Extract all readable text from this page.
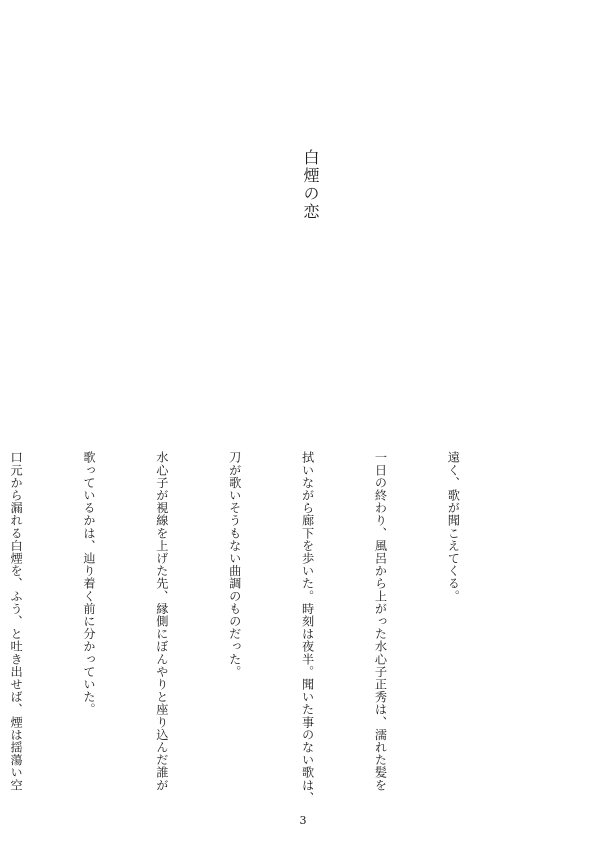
白煙の恋

遠く、歌が聞こえてくる。

一日の終わり、風呂から上がった水心子正秀は、濡れた髪を

拭いながら廊下を歩いた。時刻は夜半。聞いた事のない歌は、

刀が歌いそうもない曲調のものだった。

水心子が視線を上げた先、縁側にぼんやりと座り込んだ誰が

歌っているかは、辿り着く前に分かっていた。

口元から漏れる白煙を、ふう、と吐き出せば、煙は揺蕩い空

3
